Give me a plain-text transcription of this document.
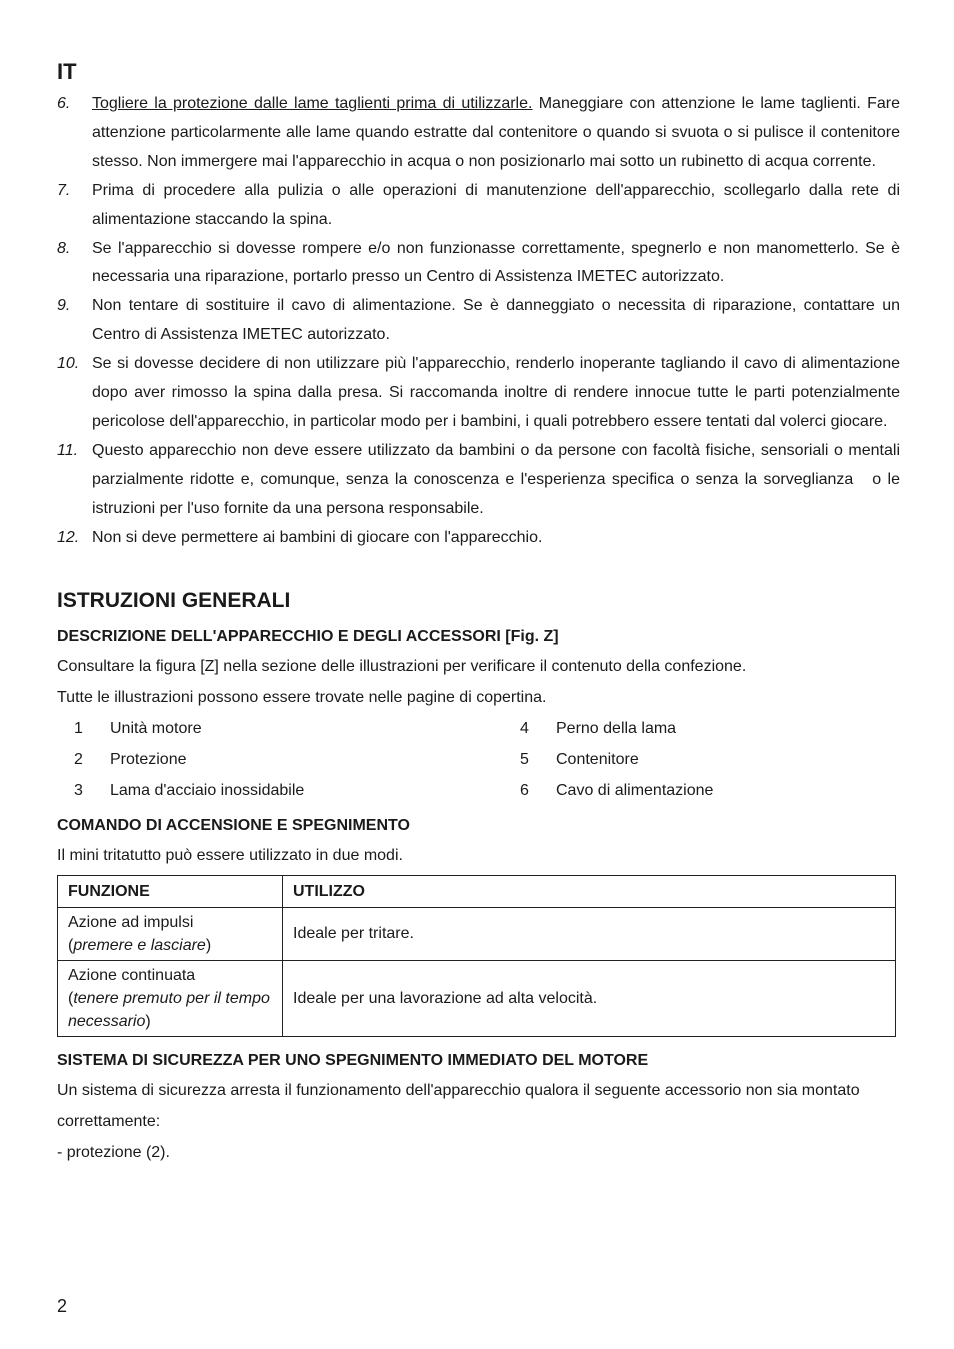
IT
6. Togliere la protezione dalle lame taglienti prima di utilizzarle. Maneggiare con attenzione le lame taglienti. Fare attenzione particolarmente alle lame quando estratte dal contenitore o quando si svuota o si pulisce il contenitore stesso. Non immergere mai l'apparecchio in acqua o non posizionarlo mai sotto un rubinetto di acqua corrente.
7. Prima di procedere alla pulizia o alle operazioni di manutenzione dell'apparecchio, scollegarlo dalla rete di alimentazione staccando la spina.
8. Se l'apparecchio si dovesse rompere e/o non funzionasse correttamente, spegnerlo e non manometterlo. Se è necessaria una riparazione, portarlo presso un Centro di Assistenza IMETEC autorizzato.
9. Non tentare di sostituire il cavo di alimentazione. Se è danneggiato o necessita di riparazione, contattare un Centro di Assistenza IMETEC autorizzato.
10. Se si dovesse decidere di non utilizzare più l'apparecchio, renderlo inoperante tagliando il cavo di alimentazione dopo aver rimosso la spina dalla presa. Si raccomanda inoltre di rendere innocue tutte le parti potenzialmente pericolose dell'apparecchio, in particolar modo per i bambini, i quali potrebbero essere tentati dal volerci giocare.
11. Questo apparecchio non deve essere utilizzato da bambini o da persone con facoltà fisiche, sensoriali o mentali parzialmente ridotte e, comunque, senza la conoscenza e l'esperienza specifica o senza la sorveglianza   o le istruzioni per l'uso fornite da una persona responsabile.
12. Non si deve permettere ai bambini di giocare con l'apparecchio.
ISTRUZIONI GENERALI
DESCRIZIONE DELL'APPARECCHIO E DEGLI ACCESSORI [Fig. Z]

Consultare la figura [Z] nella sezione delle illustrazioni per verificare il contenuto della confezione.

Tutte le illustrazioni possono essere trovate nelle pagine di copertina.

1	Unità motore	4	Perno della lama
2	Protezione	5	Contenitore
3	Lama d'acciaio inossidabile	6	Cavo di alimentazione
COMANDO DI ACCENSIONE E SPEGNIMENTO

Il mini tritatutto può essere utilizzato in due modi.

FUNZIONE	UTILIZZO
Azione ad impulsi
(premere e lasciare)	Ideale per tritare.
Azione continuata
(tenere premuto per il tempo necessario)	Ideale per una lavorazione ad alta velocità.
SISTEMA DI SICUREZZA PER UNO SPEGNIMENTO IMMEDIATO DEL MOTORE

Un sistema di sicurezza arresta il funzionamento dell'apparecchio qualora il seguente accessorio non sia montato correttamente:

- protezione (2).

2
